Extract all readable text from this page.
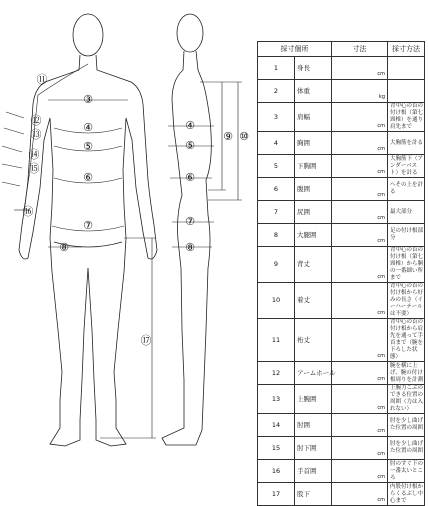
⑪
③
⑫
⑬
④
⑭
⑮
⑤
⑯
⑥
⑦
⑧
⑰
⑨ ⑩
④
⑤
⑥
⑦
⑧
採寸個所		寸法	採寸方法
1	身長	cm	

2	体重	kg	

3	肩幅	cm	背中心の首の付け根（第七頸椎）を通り肩先まで
4	胸囲	cm	大胸筋を計る
5	下胸囲	cm	大胸筋下（アンダーバスト）を計る
6	腹囲	cm	へその上を計る
7	尻囲	cm	最大部分
8	大腿囲	cm	足の付け根部分
9	背丈	cm	背中心の首の付け根（第七頸椎）から胴の一番細い所まで
10	着丈	cm	背中心の首の付け根から好みの長さ（イーハーテールは不要）
11	裄丈	cm	背中心の首の付け根から肩先を通って手首まで（腕を下ろした状態）
12	アームホール	cm	腕を横に上げ、腕の付け根周りを計測
13	上腕囲	cm	上腕力こぶのできる位置の周囲（力は入れない）
14	肘囲	cm	肘を少し曲げた位置の周囲
15	肘下囲	cm	肘を少し曲げた位置の周囲
16	手首囲	cm	肘のすぐ下の一番太いところ
17	股下	cm	内股付け根からくるぶし中心まで
